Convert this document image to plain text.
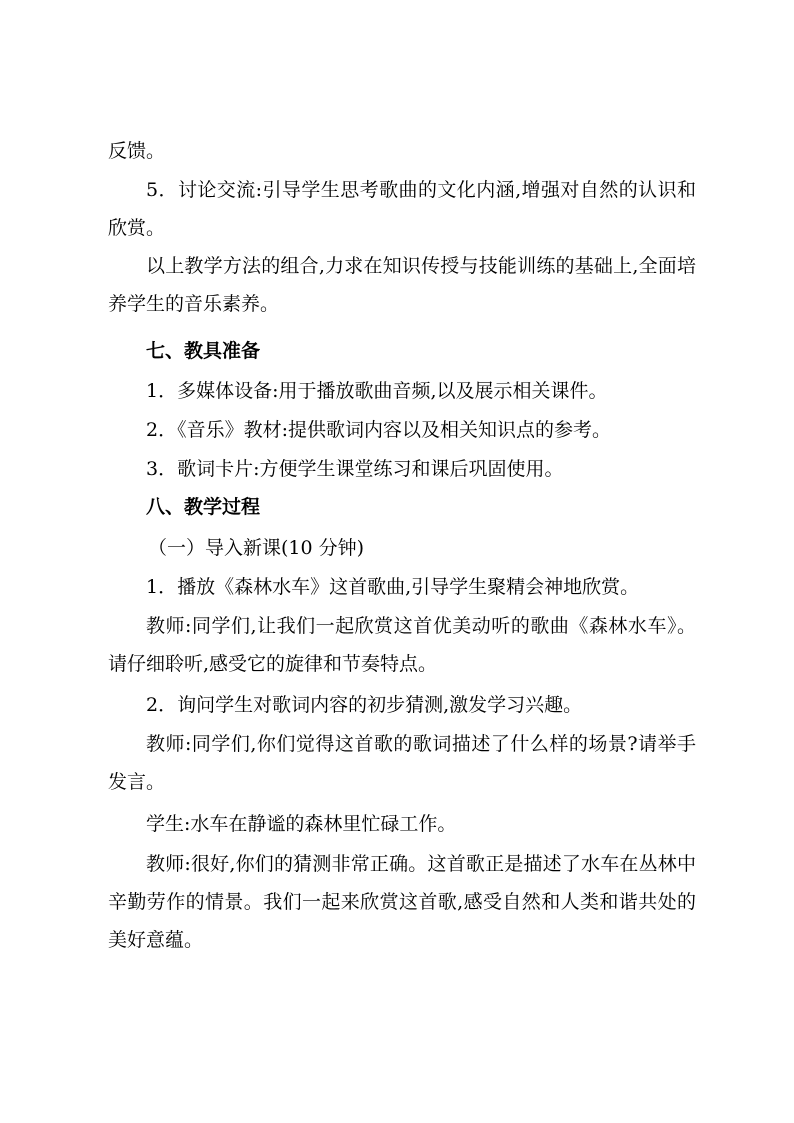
反馈。

5．讨论交流:引导学生思考歌曲的文化内涵,增强对自然的认识和欣赏。

以上教学方法的组合,力求在知识传授与技能训练的基础上,全面培养学生的音乐素养。

七、教具准备

1．多媒体设备:用于播放歌曲音频,以及展示相关课件。

2．《音乐》教材:提供歌词内容以及相关知识点的参考。

3．歌词卡片:方便学生课堂练习和课后巩固使用。

八、教学过程

（一）导入新课(10 分钟)

1．播放《森林水车》这首歌曲,引导学生聚精会神地欣赏。

教师:同学们,让我们一起欣赏这首优美动听的歌曲《森林水车》。请仔细聆听,感受它的旋律和节奏特点。

2．询问学生对歌词内容的初步猜测,激发学习兴趣。

教师:同学们,你们觉得这首歌的歌词描述了什么样的场景?请举手发言。

学生:水车在静谧的森林里忙碌工作。

教师:很好,你们的猜测非常正确。这首歌正是描述了水车在丛林中辛勤劳作的情景。我们一起来欣赏这首歌,感受自然和人类和谐共处的美好意蕴。
